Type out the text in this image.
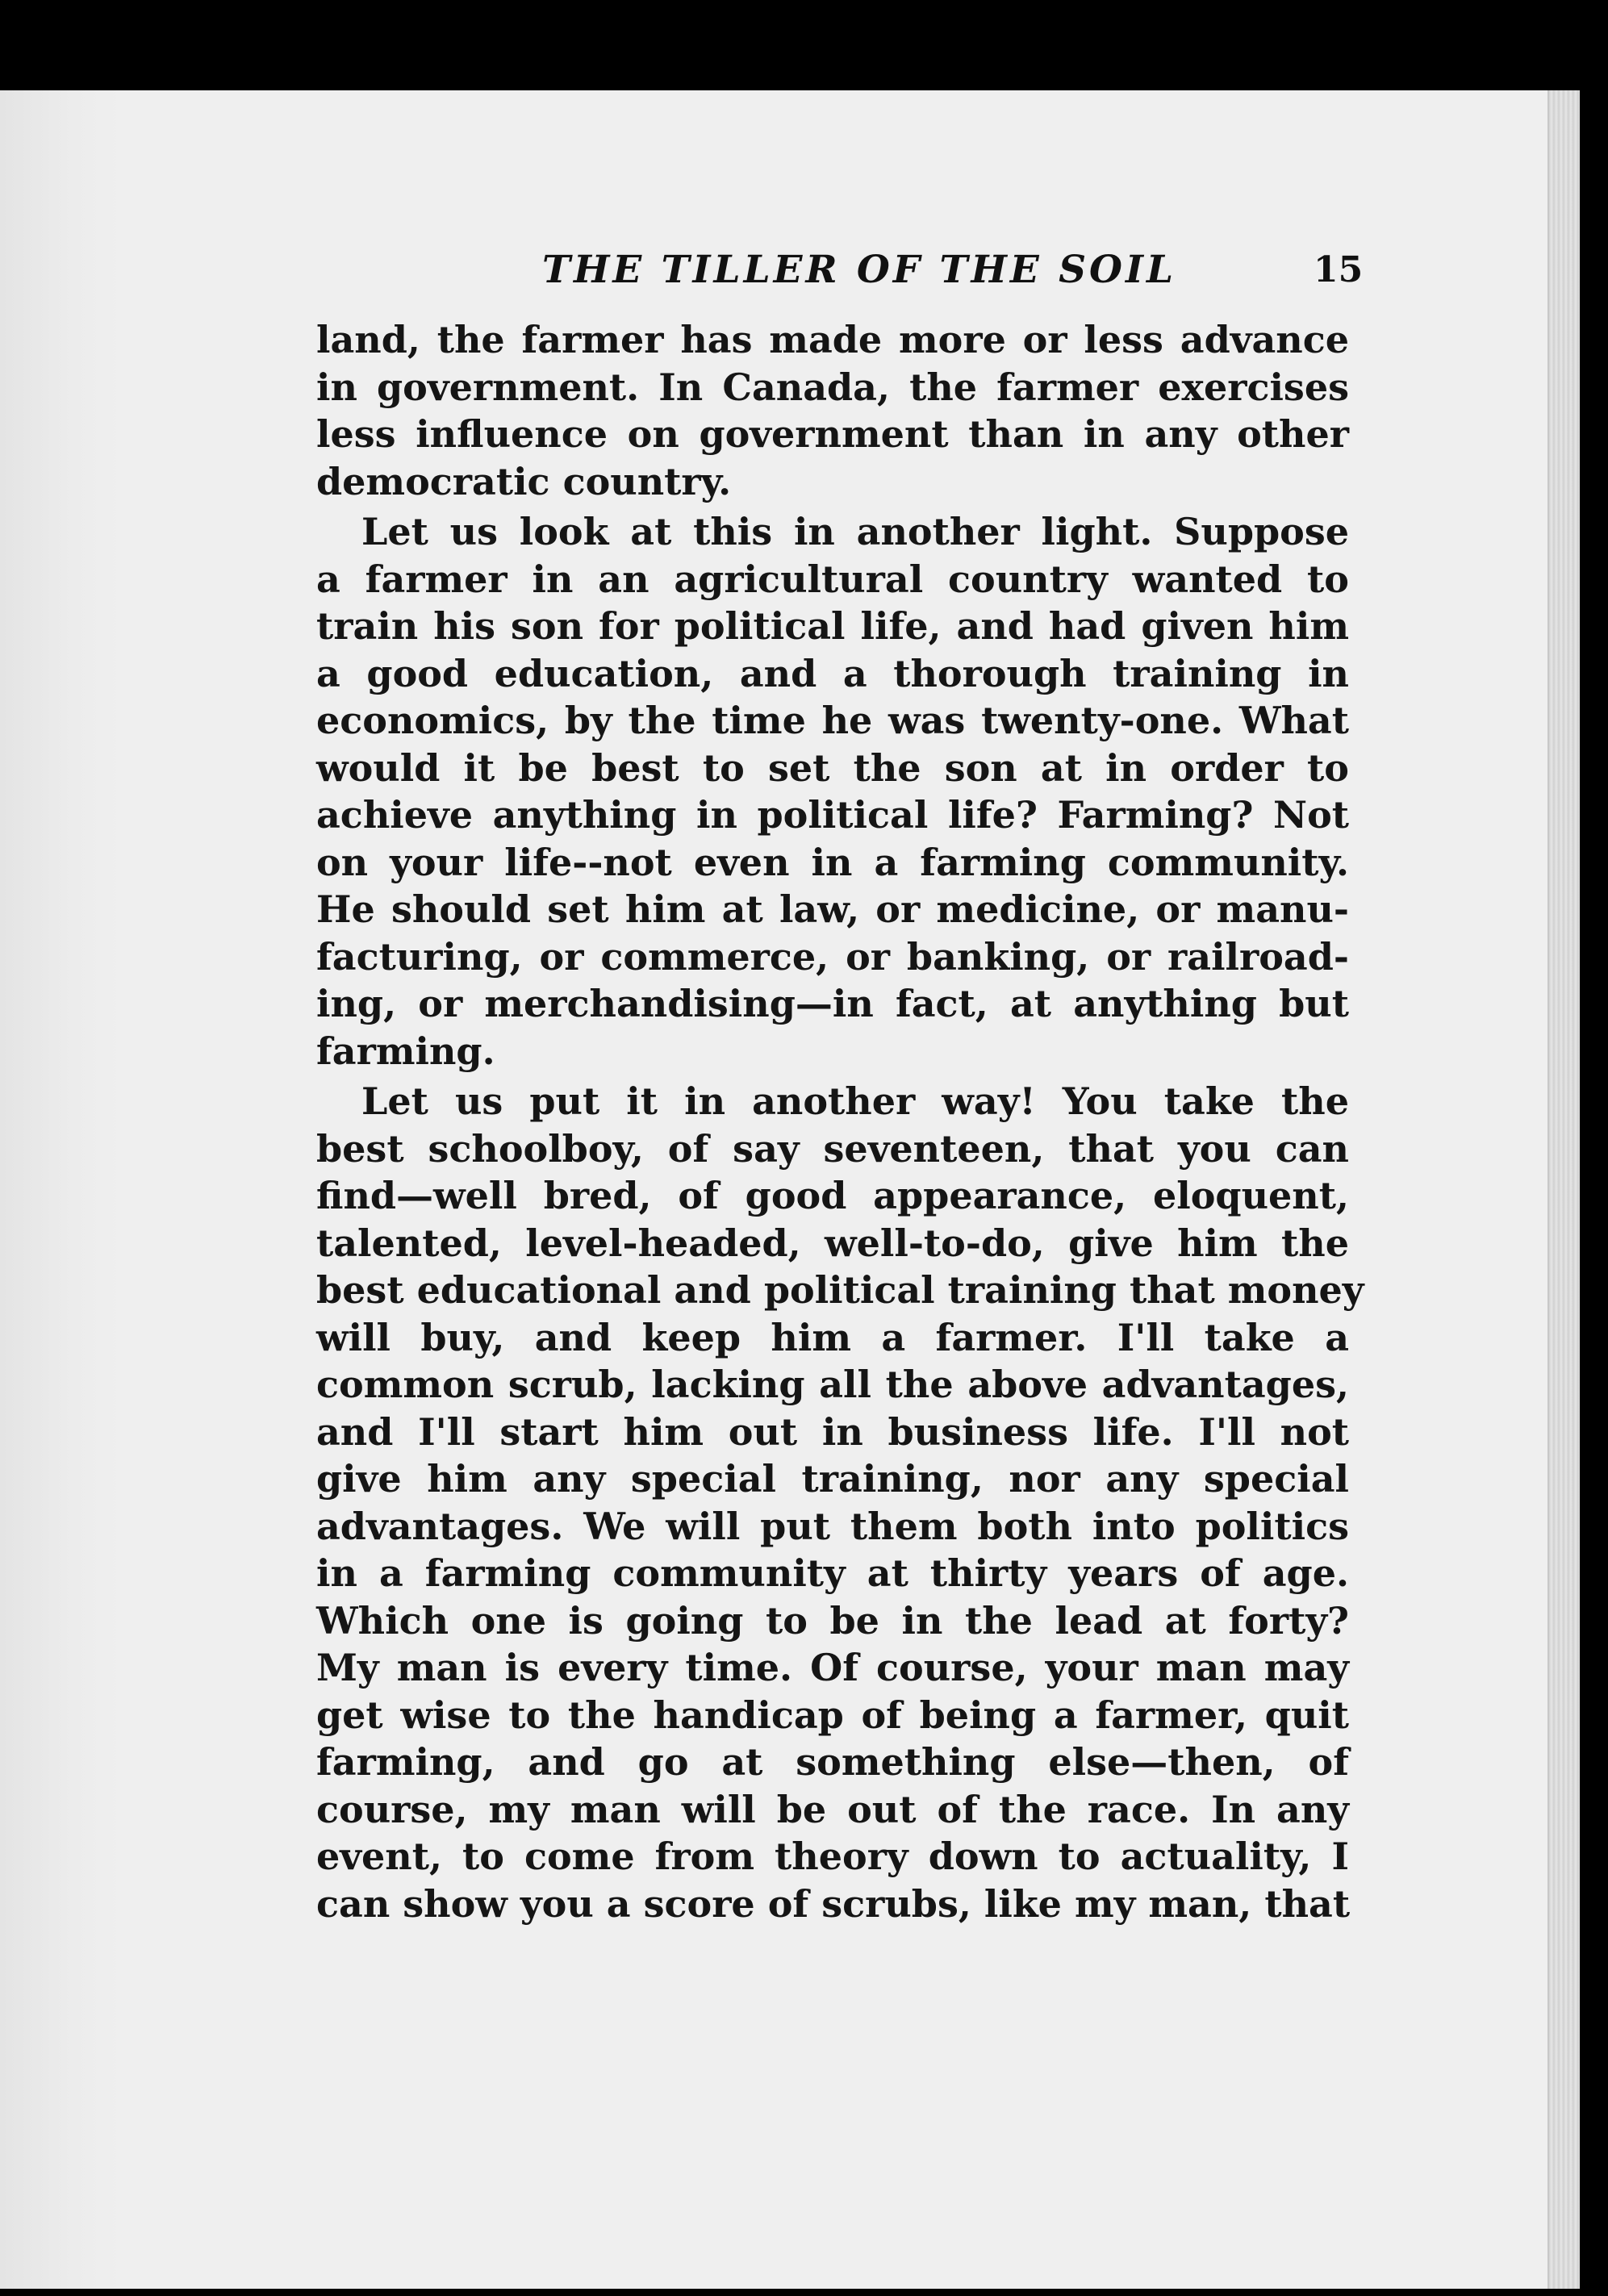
THE TILLER OF THE SOIL	15
land, the farmer has made more or less advance
in government. In Canada, the farmer exercises
less influence on government than in any other
democratic country.
Let us look at this in another light. Suppose
a farmer in an agricultural country wanted to
train his son for political life, and had given him
a good education, and a thorough training in
economics, by the time he was twenty-one. What
would it be best to set the son at in order to
achieve anything in political life? Farming? Not
on your life--not even in a farming community.
He should set him at law, or medicine, or manu-
facturing, or commerce, or banking, or railroad-
ing, or merchandising—in fact, at anything but
farming.
Let us put it in another way! You take the
best schoolboy, of say seventeen, that you can
find—well bred, of good appearance, eloquent,
talented, level-headed, well-to-do, give him the
best educational and political training that money
will buy, and keep him a farmer. I'll take a
common scrub, lacking all the above advantages,
and I'll start him out in business life. I'll not
give him any special training, nor any special
advantages. We will put them both into politics
in a farming community at thirty years of age.
Which one is going to be in the lead at forty?
My man is every time. Of course, your man may
get wise to the handicap of being a farmer, quit
farming, and go at something else—then, of
course, my man will be out of the race. In any
event, to come from theory down to actuality, I
can show you a score of scrubs, like my man, that
